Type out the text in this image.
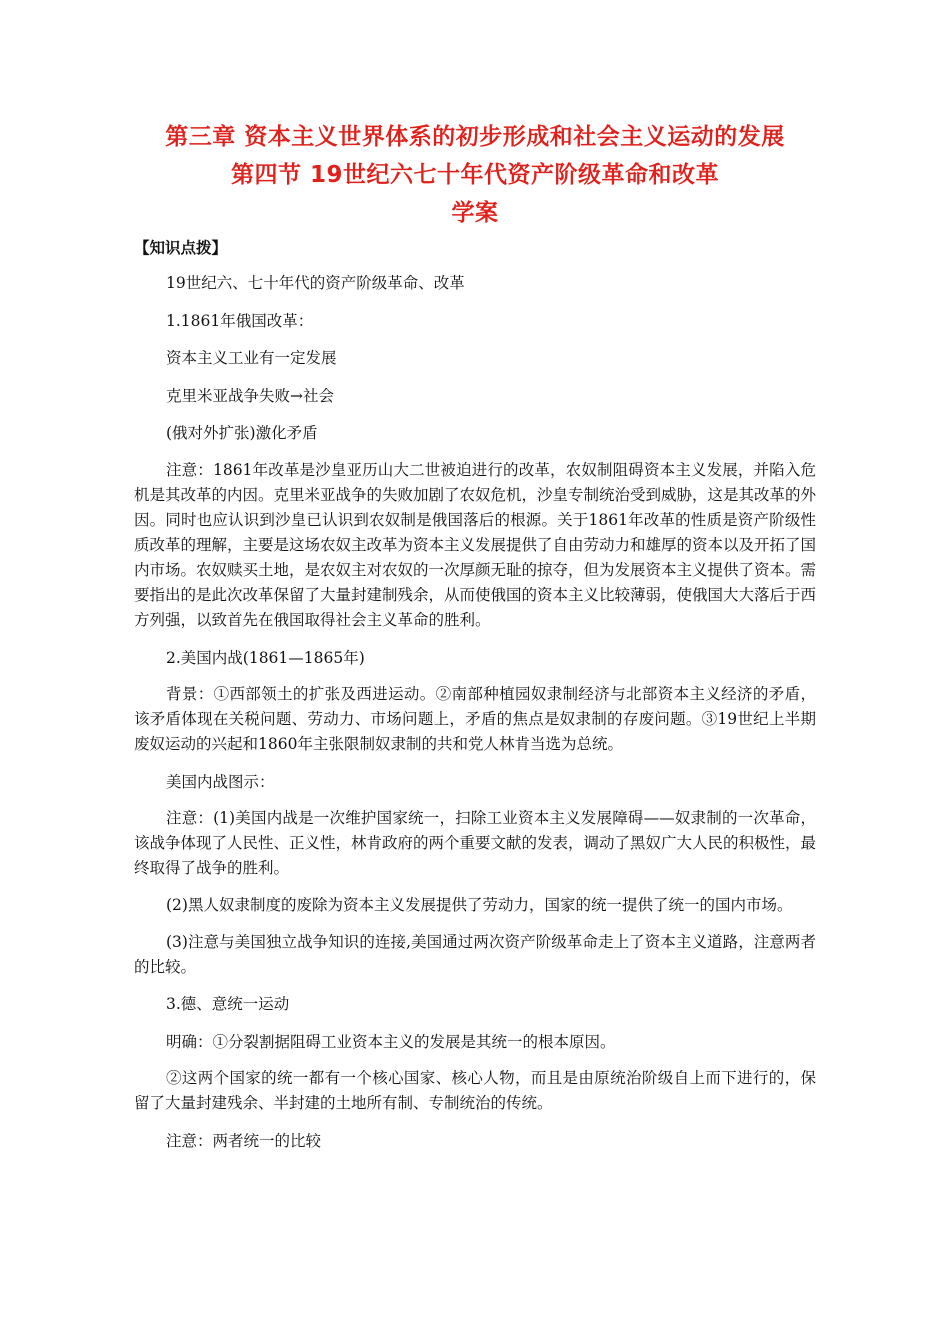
第三章 资本主义世界体系的初步形成和社会主义运动的发展

第四节 19世纪六七十年代资产阶级革命和改革

学案

【知识点拨】

19世纪六、七十年代的资产阶级革命、改革

1.1861年俄国改革：

资本主义工业有一定发展

克里米亚战争失败→社会

(俄对外扩张)激化矛盾

注意：1861年改革是沙皇亚历山大二世被迫进行的改革，农奴制阻碍资本主义发展，并陷入危机是其改革的内因。克里米亚战争的失败加剧了农奴危机，沙皇专制统治受到威胁，这是其改革的外因。同时也应认识到沙皇已认识到农奴制是俄国落后的根源。关于1861年改革的性质是资产阶级性质改革的理解，主要是这场农奴主改革为资本主义发展提供了自由劳动力和雄厚的资本以及开拓了国内市场。农奴赎买土地，是农奴主对农奴的一次厚颜无耻的掠夺，但为发展资本主义提供了资本。需要指出的是此次改革保留了大量封建制残余，从而使俄国的资本主义比较薄弱，使俄国大大落后于西方列强，以致首先在俄国取得社会主义革命的胜利。

2.美国内战(1861—1865年)

背景：①西部领土的扩张及西进运动。②南部种植园奴隶制经济与北部资本主义经济的矛盾，该矛盾体现在关税问题、劳动力、市场问题上，矛盾的焦点是奴隶制的存废问题。③19世纪上半期废奴运动的兴起和1860年主张限制奴隶制的共和党人林肯当选为总统。

美国内战图示：

注意：(1)美国内战是一次维护国家统一，扫除工业资本主义发展障碍——奴隶制的一次革命，该战争体现了人民性、正义性，林肯政府的两个重要文献的发表，调动了黑奴广大人民的积极性，最终取得了战争的胜利。

(2)黑人奴隶制度的废除为资本主义发展提供了劳动力，国家的统一提供了统一的国内市场。

(3)注意与美国独立战争知识的连接,美国通过两次资产阶级革命走上了资本主义道路，注意两者的比较。

3.德、意统一运动

明确：①分裂割据阻碍工业资本主义的发展是其统一的根本原因。

②这两个国家的统一都有一个核心国家、核心人物，而且是由原统治阶级自上而下进行的，保留了大量封建残余、半封建的土地所有制、专制统治的传统。

注意：两者统一的比较
